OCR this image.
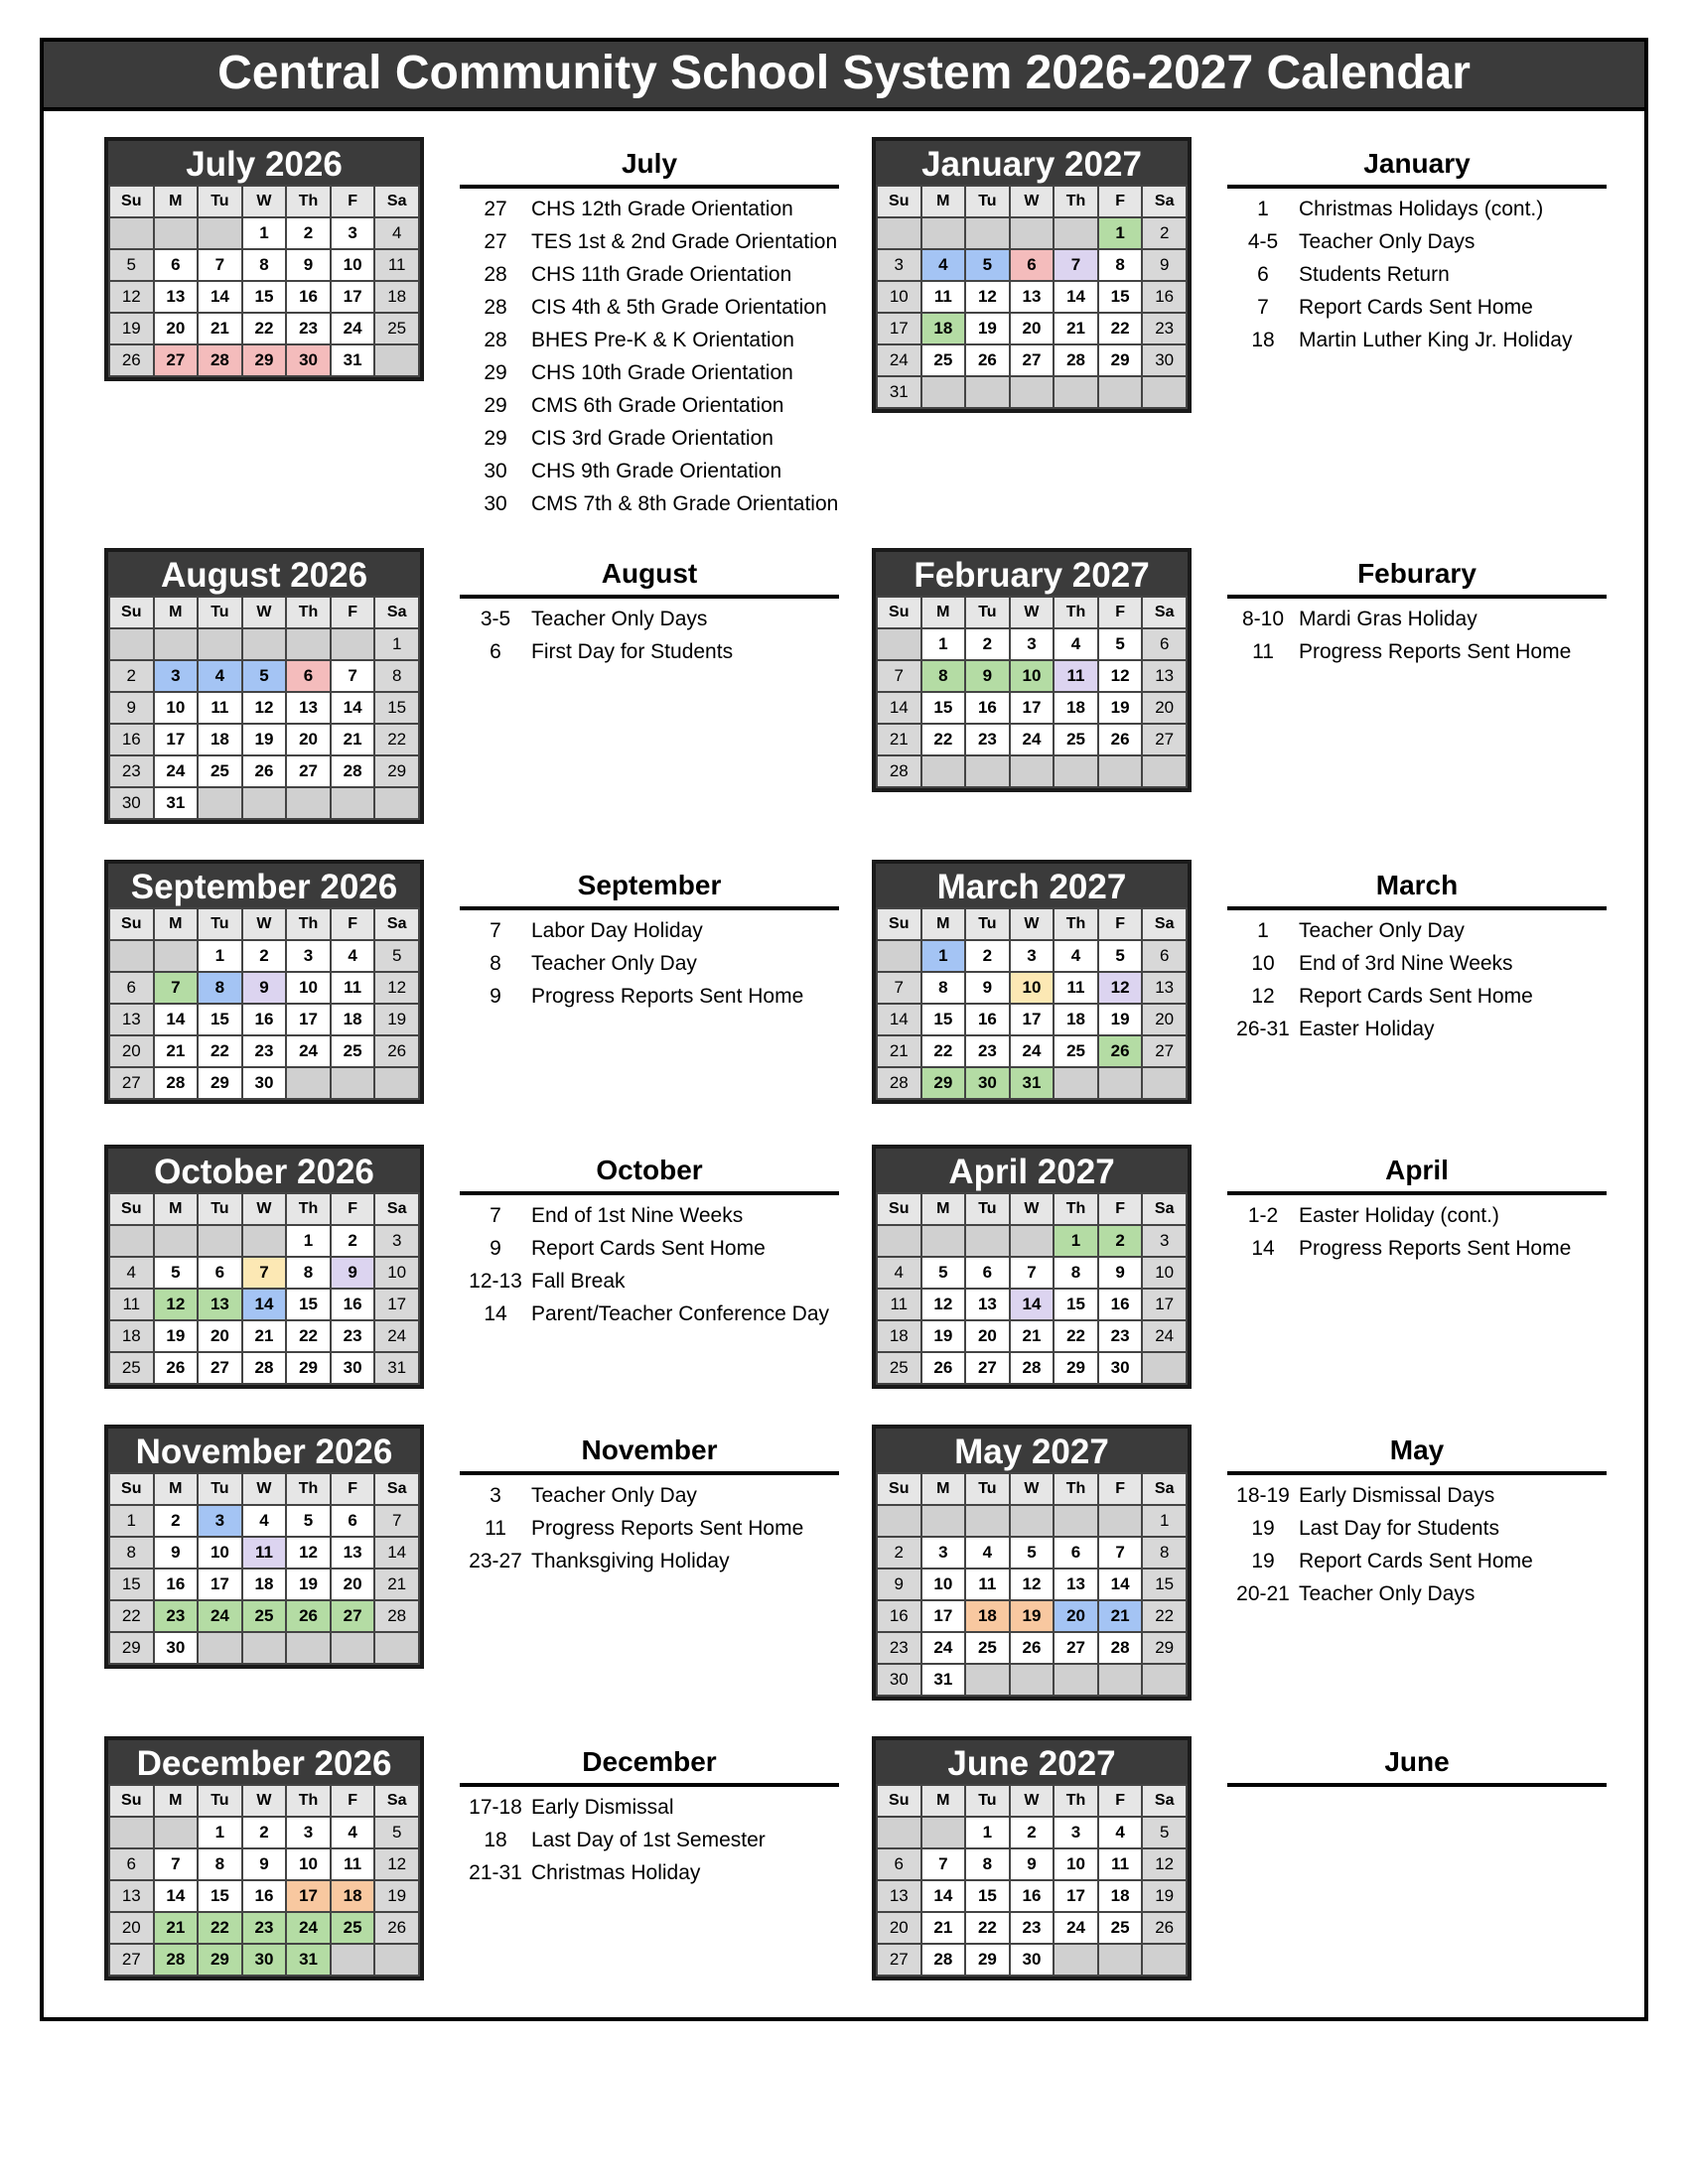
Central Community School System 2026-2027 Calendar
July 2026
Su	M	Tu	W	Th	F	Sa
			1	2	3	4
5	6	7	8	9	10	11
12	13	14	15	16	17	18
19	20	21	22	23	24	25
26	27	28	29	30	31	
August 2026
Su	M	Tu	W	Th	F	Sa
						1
2	3	4	5	6	7	8
9	10	11	12	13	14	15
16	17	18	19	20	21	22
23	24	25	26	27	28	29
30	31					
September 2026
Su	M	Tu	W	Th	F	Sa
		1	2	3	4	5
6	7	8	9	10	11	12
13	14	15	16	17	18	19
20	21	22	23	24	25	26
27	28	29	30			
October 2026
Su	M	Tu	W	Th	F	Sa
				1	2	3
4	5	6	7	8	9	10
11	12	13	14	15	16	17
18	19	20	21	22	23	24
25	26	27	28	29	30	31
November 2026
Su	M	Tu	W	Th	F	Sa
1	2	3	4	5	6	7
8	9	10	11	12	13	14
15	16	17	18	19	20	21
22	23	24	25	26	27	28
29	30					
December 2026
Su	M	Tu	W	Th	F	Sa
		1	2	3	4	5
6	7	8	9	10	11	12
13	14	15	16	17	18	19
20	21	22	23	24	25	26
27	28	29	30	31		
January 2027
Su	M	Tu	W	Th	F	Sa
					1	2
3	4	5	6	7	8	9
10	11	12	13	14	15	16
17	18	19	20	21	22	23
24	25	26	27	28	29	30
31						
February 2027
Su	M	Tu	W	Th	F	Sa
	1	2	3	4	5	6
7	8	9	10	11	12	13
14	15	16	17	18	19	20
21	22	23	24	25	26	27
28						
March 2027
Su	M	Tu	W	Th	F	Sa
	1	2	3	4	5	6
7	8	9	10	11	12	13
14	15	16	17	18	19	20
21	22	23	24	25	26	27
28	29	30	31			
April 2027
Su	M	Tu	W	Th	F	Sa
				1	2	3
4	5	6	7	8	9	10
11	12	13	14	15	16	17
18	19	20	21	22	23	24
25	26	27	28	29	30	
May 2027
Su	M	Tu	W	Th	F	Sa
						1
2	3	4	5	6	7	8
9	10	11	12	13	14	15
16	17	18	19	20	21	22
23	24	25	26	27	28	29
30	31					
June 2027
Su	M	Tu	W	Th	F	Sa
		1	2	3	4	5
6	7	8	9	10	11	12
13	14	15	16	17	18	19
20	21	22	23	24	25	26
27	28	29	30			
July
27	CHS 12th Grade Orientation
27	TES 1st & 2nd Grade Orientation
28	CHS 11th Grade Orientation
28	CIS 4th & 5th Grade Orientation
28	BHES Pre-K & K Orientation
29	CHS 10th Grade Orientation
29	CMS 6th Grade Orientation
29	CIS 3rd Grade Orientation
30	CHS 9th Grade Orientation
30	CMS 7th & 8th Grade Orientation
August
3-5 Teacher Only Days
6	First Day for Students
September
7	Labor Day Holiday
8	Teacher Only Day
9	Progress Reports Sent Home
October
7	End of 1st Nine Weeks
9	Report Cards Sent Home
12-13 Fall Break
14	Parent/Teacher Conference Day
November
3	Teacher Only Day
11	Progress Reports Sent Home
23-27 Thanksgiving Holiday
December
17-18 Early Dismissal
18	Last Day of 1st Semester
21-31 Christmas Holiday
January
1	Christmas Holidays (cont.)
4-5 Teacher Only Days
6	Students Return
7	Report Cards Sent Home
18	Martin Luther King Jr. Holiday
Feburary
8-10 Mardi Gras Holiday
11	Progress Reports Sent Home
March
1	Teacher Only Day
10	End of 3rd Nine Weeks
12	Report Cards Sent Home
26-31 Easter Holiday
April
1-2 Easter Holiday (cont.)
14	Progress Reports Sent Home
May
18-19 Early Dismissal Days
19	Last Day for Students
19	Report Cards Sent Home
20-21 Teacher Only Days
June
